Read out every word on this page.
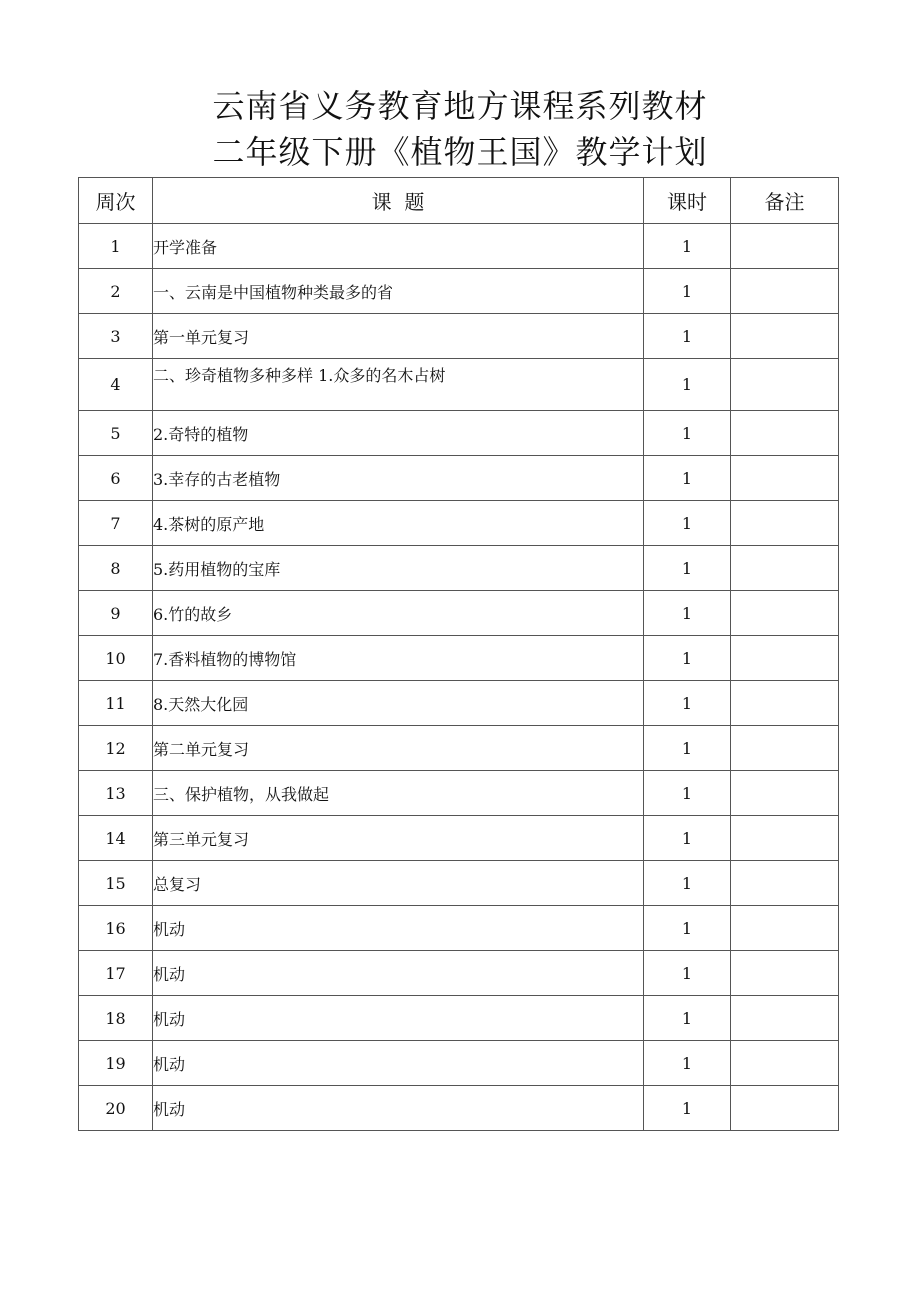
云南省义务教育地方课程系列教材
二年级下册《植物王国》教学计划
周次	课  题	课时	备注
1	开学准备	1	
2	一、云南是中国植物种类最多的省	1	
3	第一单元复习	1	
4	二、珍奇植物多种多样 1.众多的名木占树	1	
5	2.奇特的植物	1	
6	3.幸存的古老植物	1	
7	4.茶树的原产地	1	
8	5.药用植物的宝库	1	
9	6.竹的故乡	1	
10	7.香料植物的博物馆	1	
11	8.天然大化园	1	
12	第二单元复习	1	
13	三、保护植物，从我做起	1	
14	第三单元复习	1	
15	总复习	1	
16	机动	1	
17	机动	1	
18	机动	1	
19	机动	1	
20	机动	1	
